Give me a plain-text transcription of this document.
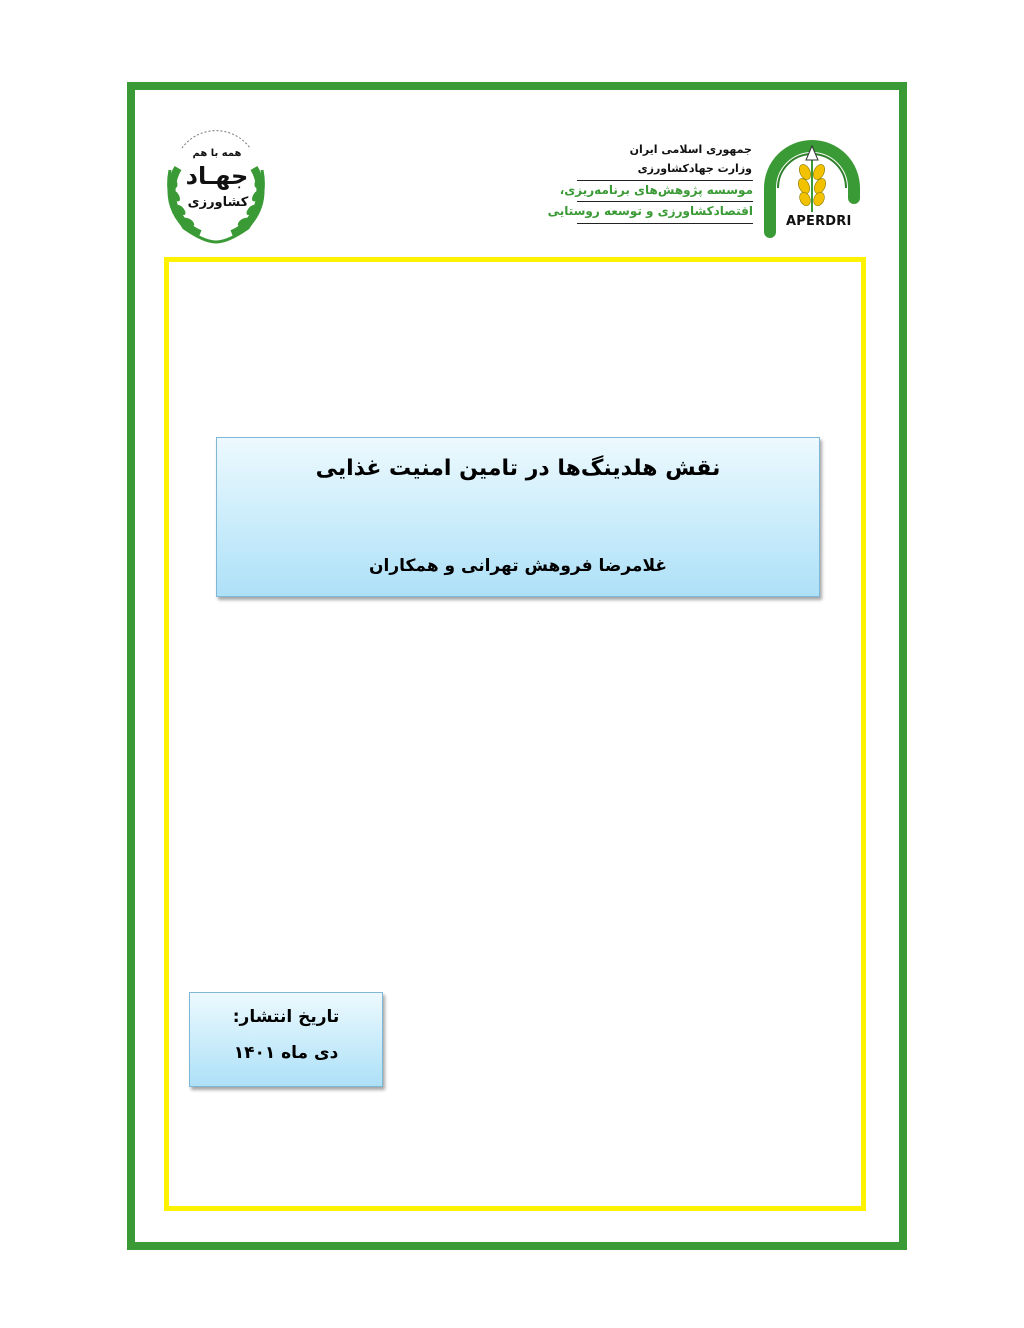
همه با هم
جهـاد
کشاورزی
جمهوری اسلامی ایران
وزارت جهادکشاورزی
موسسه پژوهش‌های برنامه‌ریزی،
اقتصادکشاورزی و توسعه روستایی
APERDRI
نقش هلدینگ‌ها در تامین امنیت غذایی
غلامرضا فروهش تهرانی و همکاران
تاریخ انتشار:
دی ماه ۱۴۰۱
